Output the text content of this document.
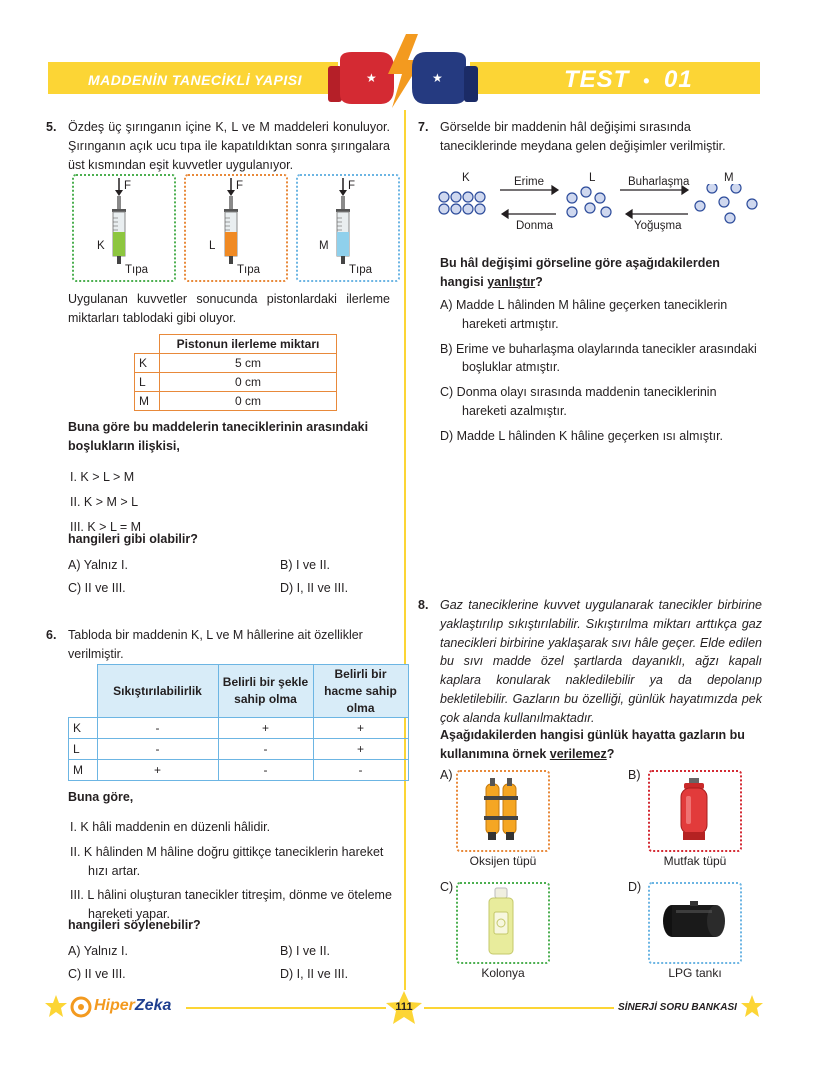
MADDENİN TANECİKLİ YAPISI	★	★	TEST • 01
5. Özdeş üç şırınganın içine K, L ve M maddeleri konuluyor. Şırınganın açık ucu tıpa ile kapatıldıktan sonra şırıngalara üst kısmından eşit kuvvetler uygulanıyor.

F
K
Tıpa
F
L
Tıpa
F
M
Tıpa
Uygulanan kuvvetler sonucunda pistonlardaki ilerleme miktarları tablodaki gibi oluyor.
	Pistonun ilerleme miktarı
K	5 cm
L	0 cm
M	0 cm
Buna göre bu maddelerin taneciklerinin arasındaki boşlukların ilişkisi,
I. K > L > M
II. K > M > L
III. K > L = M
hangileri gibi olabilir?
A) Yalnız I.	B) I ve II.
C) II ve III.	D) I, II ve III.
6. Tabloda bir maddenin K, L ve M hâllerine ait özellikler verilmiştir.

	Sıkıştırılabilirlik	Belirli bir şekle sahip olma	Belirli bir hacme sahip olma
K	-	+	+
L	-	-	+
M	+	-	-
Buna göre,
I. K hâli maddenin en düzenli hâlidir.
II. K hâlinden M hâline doğru gittikçe taneciklerin hareket hızı artar.
III. L hâlini oluşturan tanecikler titreşim, dönme ve öteleme hareketi yapar.
hangileri söylenebilir?
A) Yalnız I.	B) I ve II.
C) II ve III.	D) I, II ve III.
7. Görselde bir maddenin hâl değişimi sırasında taneciklerinde meydana gelen değişimler verilmiştir.

K	L	M
Erime	Buharlaşma
Donma	Yoğuşma
Bu hâl değişimi görseline göre aşağıdakilerden hangisi yanlıştır?
A) Madde L hâlinden M hâline geçerken taneciklerin hareketi artmıştır.
B) Erime ve buharlaşma olaylarında tanecikler arasındaki boşluklar atmıştır.
C) Donma olayı sırasında maddenin taneciklerinin hareketi azalmıştır.
D) Madde L hâlinden K hâline geçerken ısı almıştır.
8. Gaz taneciklerine kuvvet uygulanarak tanecikler birbirine yaklaştırılıp sıkıştırılabilir. Sıkıştırılma miktarı arttıkça gaz tanecikleri birbirine yaklaşarak sıvı hâle geçer. Elde edilen bu sıvı madde özel şartlarda dayanıklı, ağzı kapalı kaplara konularak nakledilebilir ya da depolanıp bekletilebilir. Gazların bu özelliği, günlük hayatımızda pek çok alanda kullanılmaktadır.

Aşağıdakilerden hangisi günlük hayatta gazların bu kullanımına örnek verilemez?
A)
Oksijen tüpü
B)
Mutfak tüpü
C)
Kolonya
D)
LPG tankı
HiperZeka	111	SİNERJİ SORU BANKASI
